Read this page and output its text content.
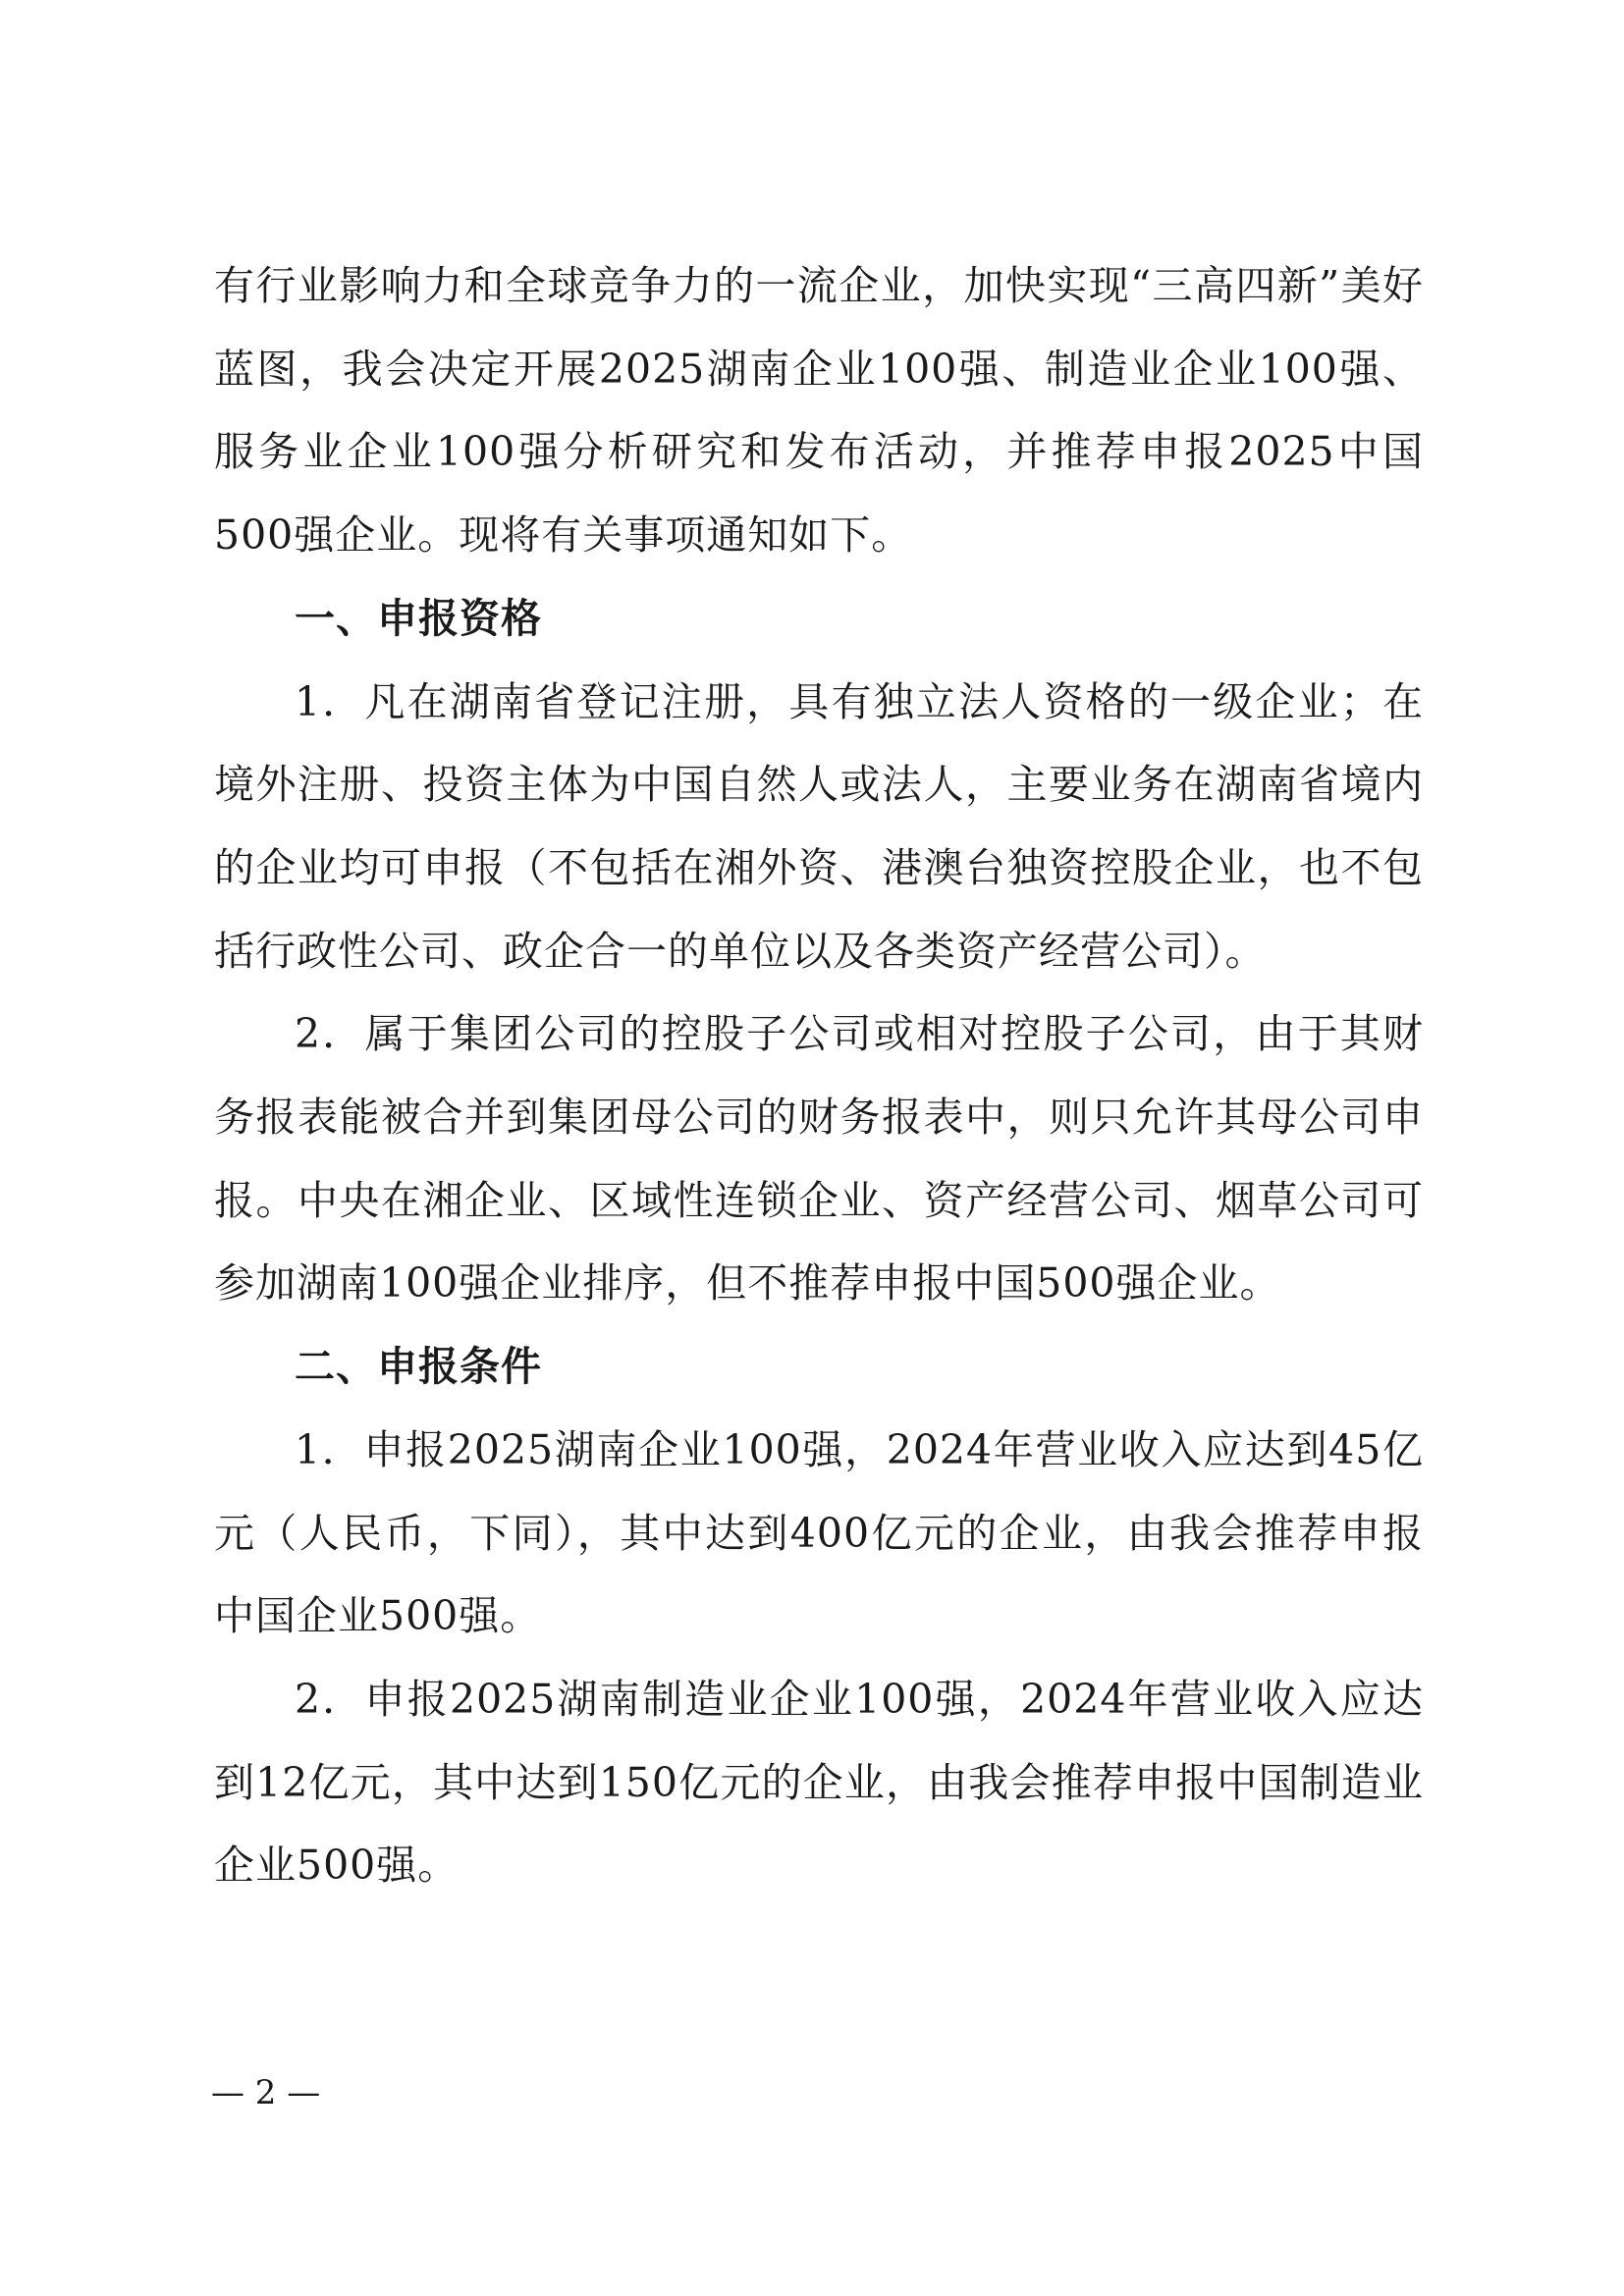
有行业影响力和全球竞争力的一流企业，加快实现“三高四新”美好蓝图，我会决定开展2025湖南企业100强、制造业企业100强、服务业企业100强分析研究和发布活动，并推荐申报2025中国500强企业。现将有关事项通知如下。

一、申报资格

1．凡在湖南省登记注册，具有独立法人资格的一级企业；在境外注册、投资主体为中国自然人或法人，主要业务在湖南省境内的企业均可申报（不包括在湘外资、港澳台独资控股企业，也不包括行政性公司、政企合一的单位以及各类资产经营公司）。

2．属于集团公司的控股子公司或相对控股子公司，由于其财务报表能被合并到集团母公司的财务报表中，则只允许其母公司申报。中央在湘企业、区域性连锁企业、资产经营公司、烟草公司可参加湖南100强企业排序，但不推荐申报中国500强企业。

二、申报条件

1．申报2025湖南企业100强，2024年营业收入应达到45亿元（人民币，下同），其中达到400亿元的企业，由我会推荐申报中国企业500强。

2．申报2025湖南制造业企业100强，2024年营业收入应达到12亿元，其中达到150亿元的企业，由我会推荐申报中国制造业企业500强。

— 2 —
